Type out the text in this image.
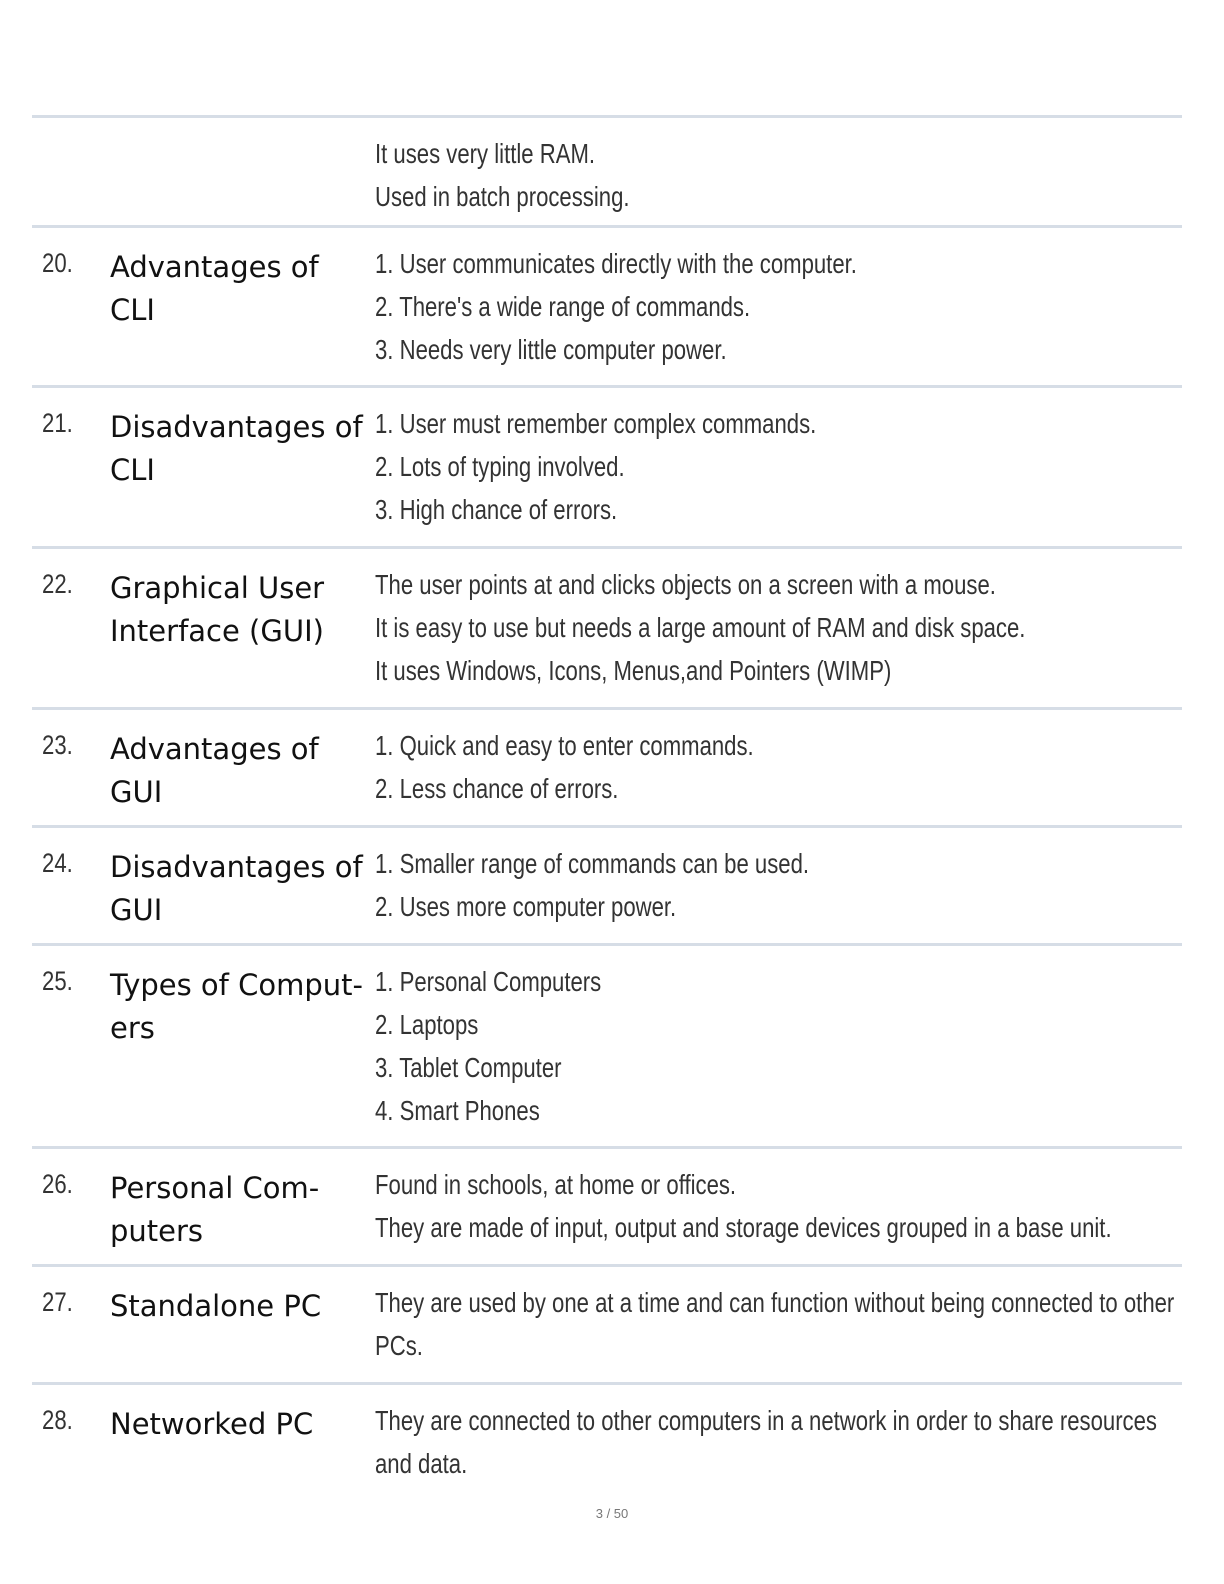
It uses very little RAM.
Used in batch processing.
20. Advantages of
CLI
1. User communicates directly with the computer.
2. There's a wide range of commands.
3. Needs very little computer power.
21. Disadvantages of
CLI
1. User must remember complex commands.
2. Lots of typing involved.
3. High chance of errors.
22. Graphical User
Interface (GUI)
The user points at and clicks objects on a screen with a mouse.
It is easy to use but needs a large amount of RAM and disk space.
It uses Windows, Icons, Menus,and Pointers (WIMP)
23. Advantages of
GUI
1. Quick and easy to enter commands.
2. Less chance of errors.
24. Disadvantages of
GUI
1. Smaller range of commands can be used.
2. Uses more computer power.
25. Types of Comput-
ers
1. Personal Computers
2. Laptops
3. Tablet Computer
4. Smart Phones
26. Personal Com-
puters
Found in schools, at home or offices.
They are made of input, output and storage devices grouped in a base unit.
27. Standalone PC	They are used by one at a time and can function without being connected to other
PCs.
28. Networked PC	They are connected to other computers in a network in order to share resources
and data.
3 / 50
